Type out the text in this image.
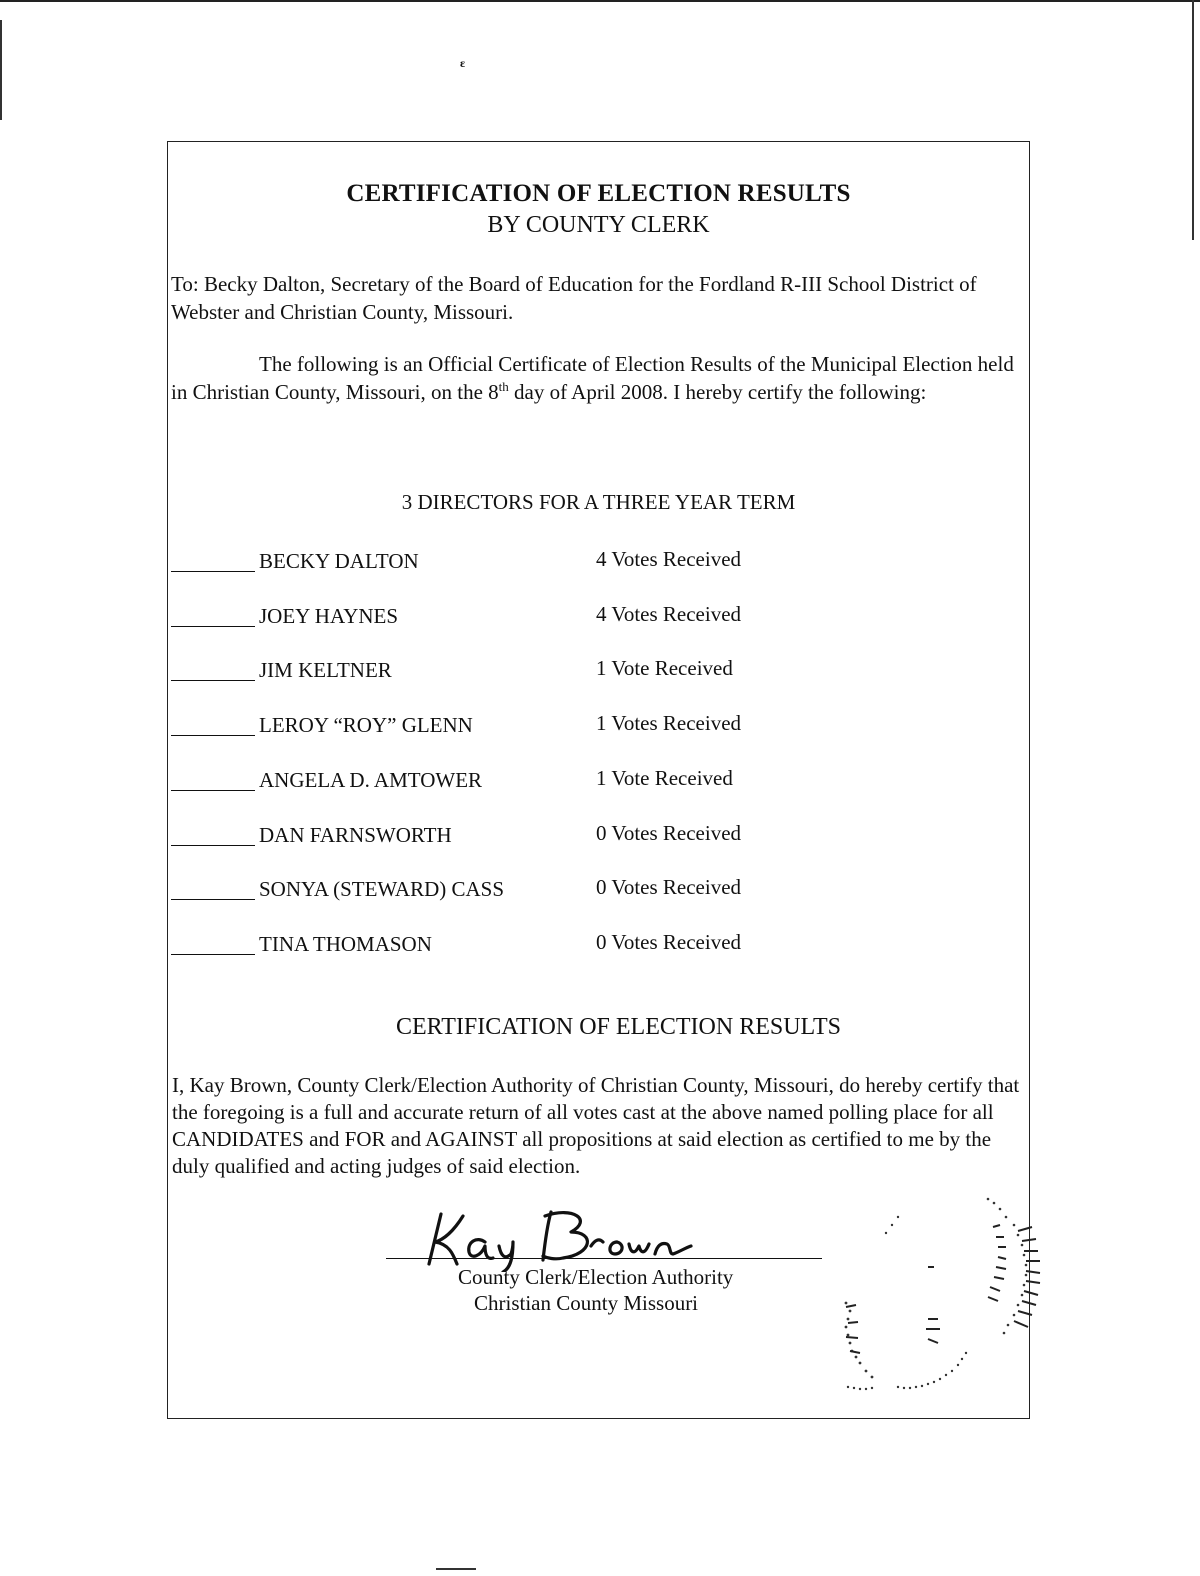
ɛ
CERTIFICATION OF ELECTION RESULTS
BY COUNTY CLERK
To: Becky Dalton, Secretary of the Board of Education for the Fordland R-III School District of Webster and Christian County, Missouri.
The following is an Official Certificate of Election Results of the Municipal Election held in Christian County, Missouri, on the 8th day of April 2008. I hereby certify the following:
3 DIRECTORS FOR A THREE YEAR TERM
BECKY DALTON	4 Votes Received
JOEY HAYNES	4 Votes Received
JIM KELTNER	1 Vote Received
LEROY “ROY” GLENN	1 Votes Received
ANGELA D. AMTOWER	1 Vote Received
DAN FARNSWORTH	0 Votes Received
SONYA (STEWARD) CASS	0 Votes Received
TINA THOMASON	0 Votes Received
CERTIFICATION OF ELECTION RESULTS
I, Kay Brown, County Clerk/Election Authority of Christian County, Missouri, do hereby certify that the foregoing is a full and accurate return of all votes cast at the above named polling place for all CANDIDATES and FOR and AGAINST all propositions at said election as certified to me by the duly qualified and acting judges of said election.
County Clerk/Election Authority
Christian County Missouri
